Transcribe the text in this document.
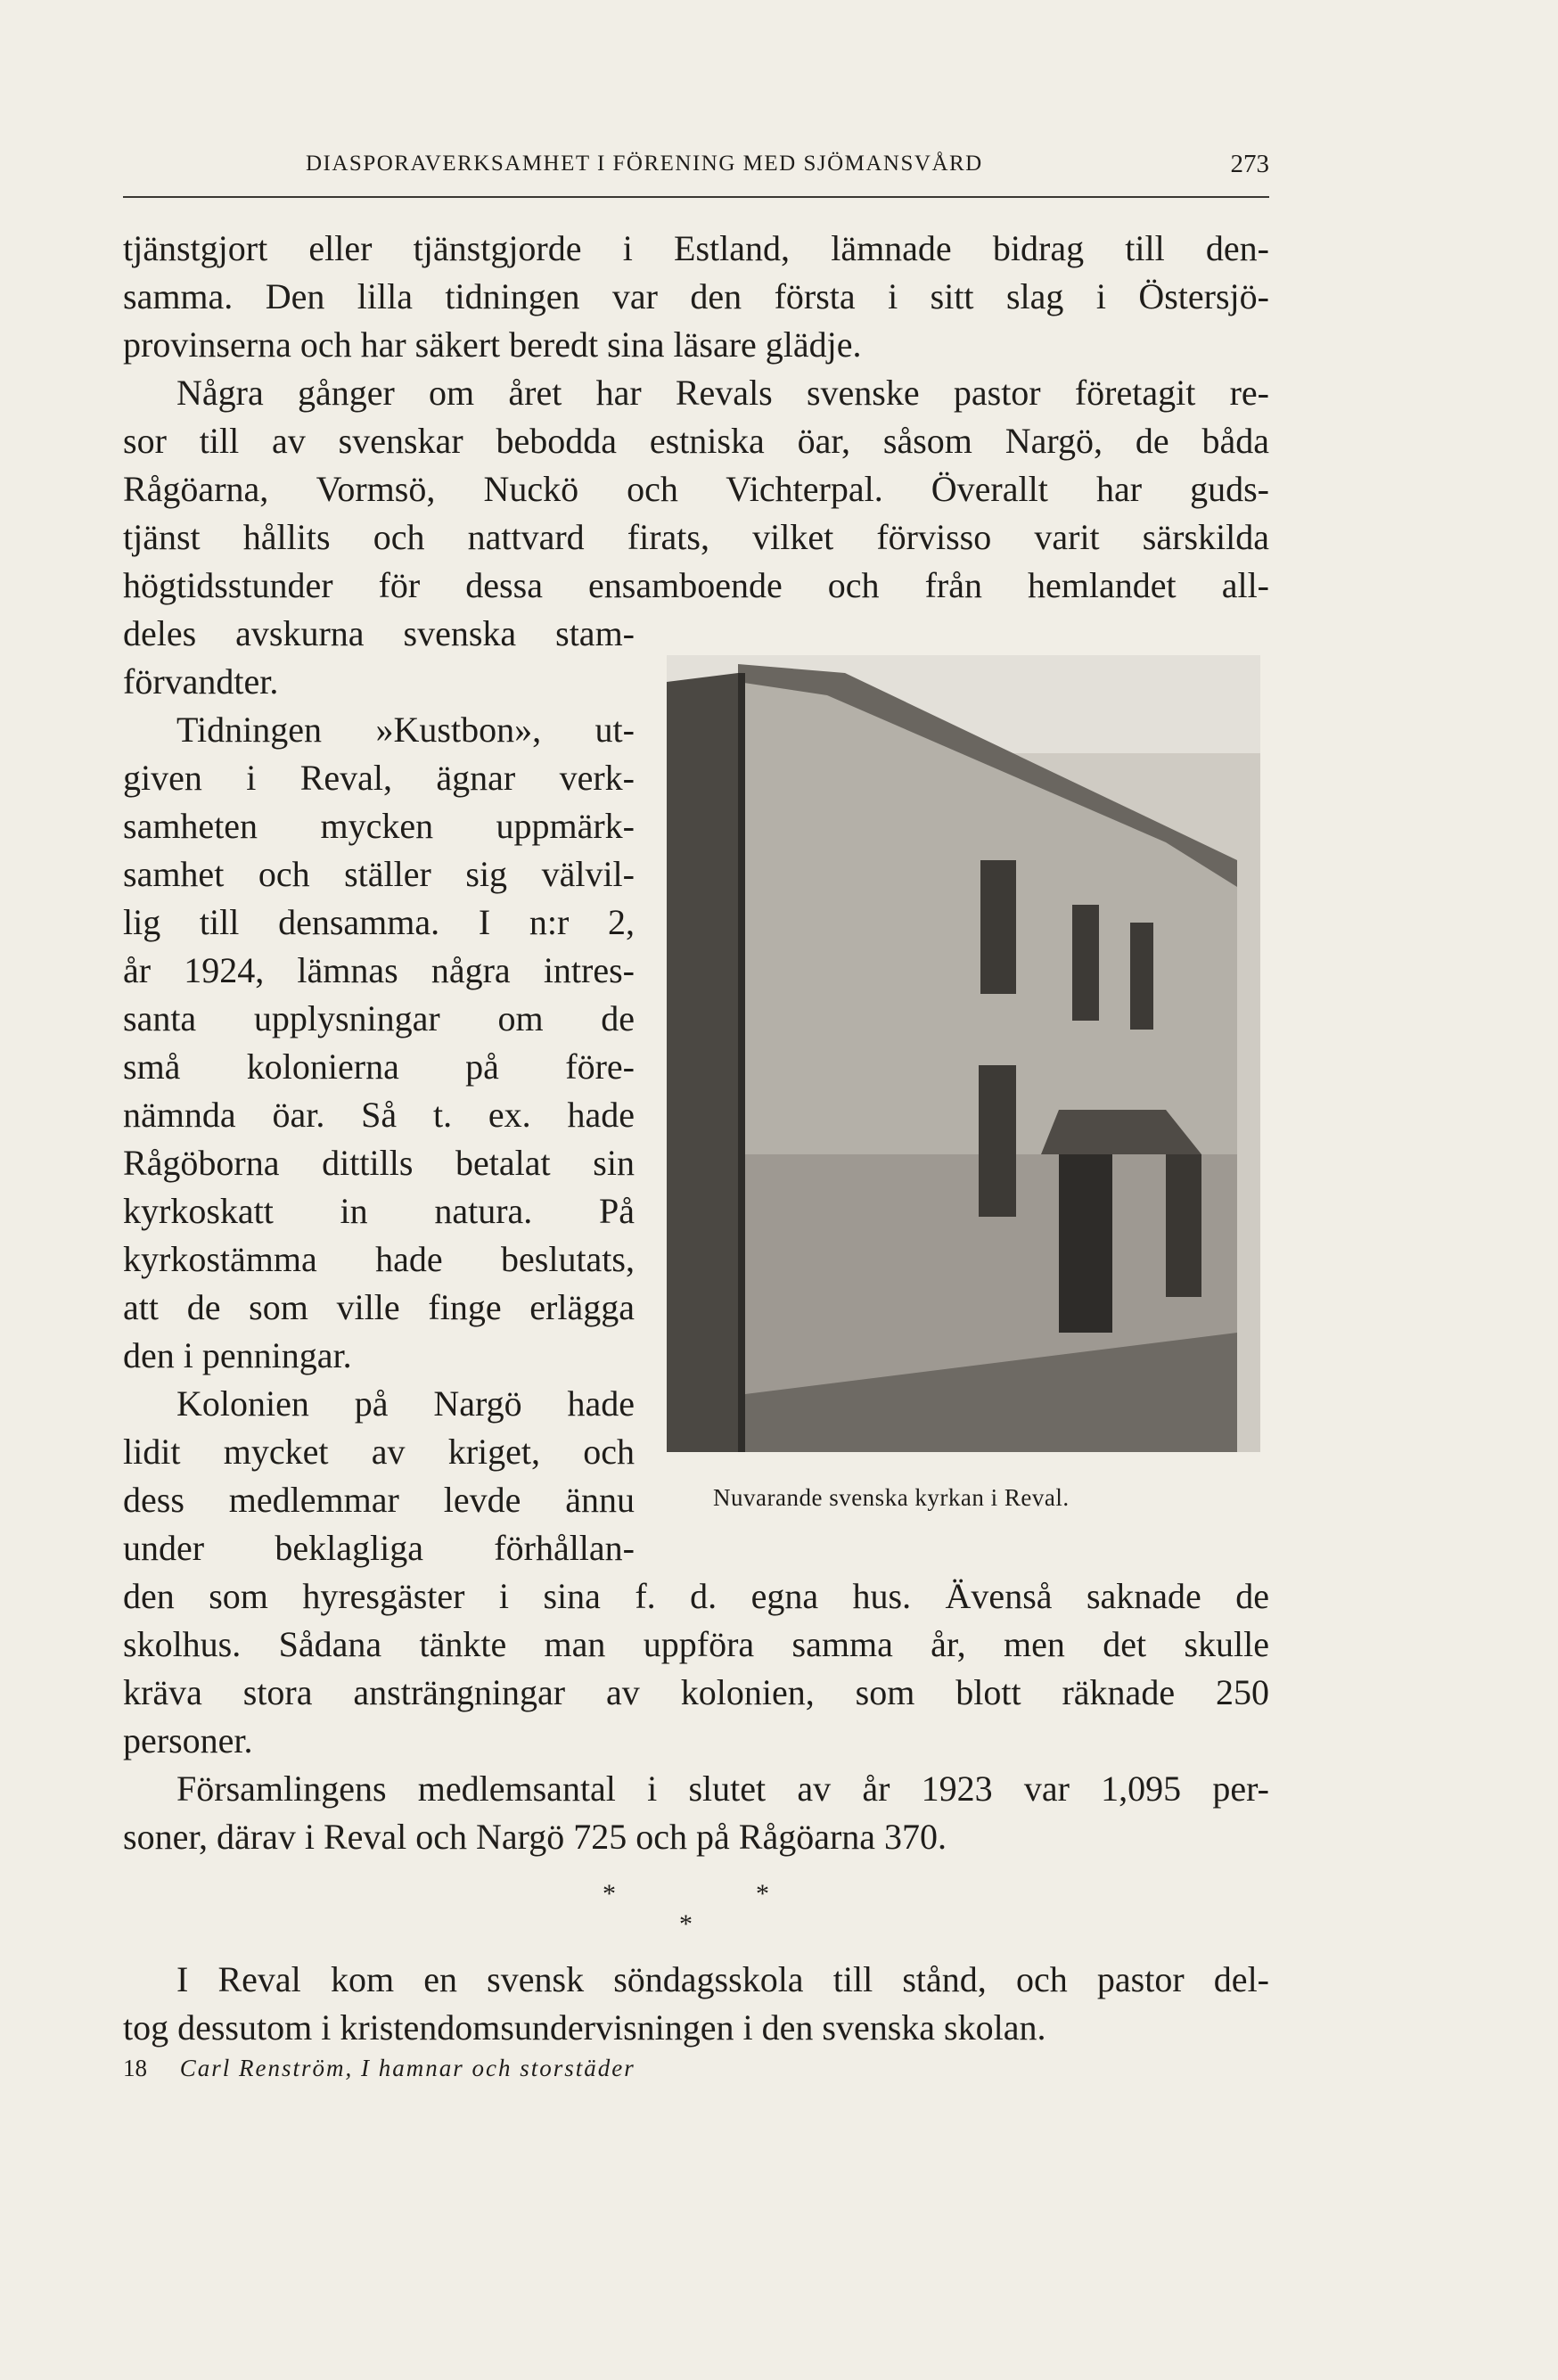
DIASPORAVERKSAMHET I FÖRENING MED SJÖMANSVÅRD	273

tjänstgjort eller tjänstgjorde i Estland, lämnade bidrag till den-

samma. Den lilla tidningen var den första i sitt slag i Östersjö-

provinserna och har säkert beredt sina läsare glädje.

Några gånger om året har Revals svenske pastor företagit re-

sor till av svenskar bebodda estniska öar, såsom Nargö, de båda

Rågöarna, Vormsö, Nuckö och Vichterpal. Överallt har guds-

tjänst hållits och nattvard firats, vilket förvisso varit särskilda

högtidsstunder för dessa ensamboende och från hemlandet all-

deles avskurna svenska stam-

förvandter.

Tidningen »Kustbon», ut-

given i Reval, ägnar verk-

samheten mycken uppmärk-

samhet och ställer sig välvil-

lig till densamma. I n:r 2,

år 1924, lämnas några intres-

santa upplysningar om de

små kolonierna på före-

nämnda öar. Så t. ex. hade

Rågöborna dittills betalat sin

kyrkoskatt in natura. På

kyrkostämma hade beslutats,

att de som ville finge erlägga

den i penningar.

Kolonien på Nargö hade

lidit mycket av kriget, och

dess medlemmar levde ännu

under beklagliga förhållan-

Nuvarande svenska kyrkan i Reval.

den som hyresgäster i sina f. d. egna hus. Ävenså saknade de

skolhus. Sådana tänkte man uppföra samma år, men det skulle

kräva stora ansträngningar av kolonien, som blott räknade 250

personer.

Församlingens medlemsantal i slutet av år 1923 var 1,095 per-

soner, därav i Reval och Nargö 725 och på Rågöarna 370.

*	*
*

I Reval kom en svensk söndagsskola till stånd, och pastor del-

tog dessutom i kristendomsundervisningen i den svenska skolan.

18 Carl Renström, I hamnar och storstäder
